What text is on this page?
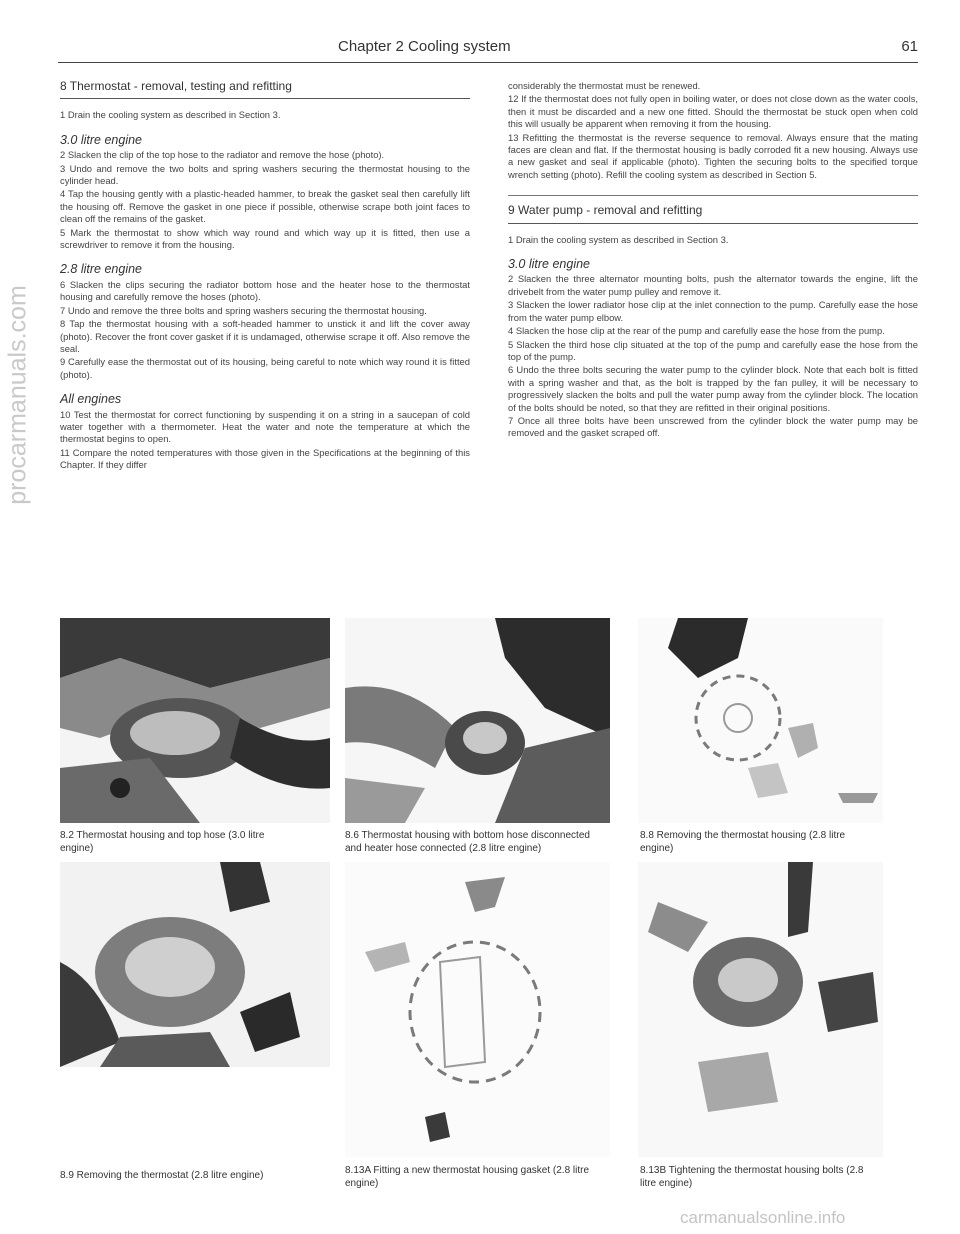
Chapter 2 Cooling system	61
8 Thermostat - removal, testing and refitting

1 Drain the cooling system as described in Section 3.

3.0 litre engine

2 Slacken the clip of the top hose to the radiator and remove the hose (photo).

3 Undo and remove the two bolts and spring washers securing the thermostat housing to the cylinder head.

4 Tap the housing gently with a plastic-headed hammer, to break the gasket seal then carefully lift the housing off. Remove the gasket in one piece if possible, otherwise scrape both joint faces to clean off the remains of the gasket.

5 Mark the thermostat to show which way round and which way up it is fitted, then use a screwdriver to remove it from the housing.

2.8 litre engine

6 Slacken the clips securing the radiator bottom hose and the heater hose to the thermostat housing and carefully remove the hoses (photo).

7 Undo and remove the three bolts and spring washers securing the thermostat housing.

8 Tap the thermostat housing with a soft-headed hammer to unstick it and lift the cover away (photo). Recover the front cover gasket if it is undamaged, otherwise scrape it off. Also remove the seal.

9 Carefully ease the thermostat out of its housing, being careful to note which way round it is fitted (photo).

All engines

10 Test the thermostat for correct functioning by suspending it on a string in a saucepan of cold water together with a thermometer. Heat the water and note the temperature at which the thermostat begins to open.

11 Compare the noted temperatures with those given in the Specifications at the beginning of this Chapter. If they differ

considerably the thermostat must be renewed.

12 If the thermostat does not fully open in boiling water, or does not close down as the water cools, then it must be discarded and a new one fitted. Should the thermostat be stuck open when cold this will usually be apparent when removing it from the housing.

13 Refitting the thermostat is the reverse sequence to removal. Always ensure that the mating faces are clean and flat. If the thermostat housing is badly corroded fit a new housing. Always use a new gasket and seal if applicable (photo). Tighten the securing bolts to the specified torque wrench setting (photo). Refill the cooling system as described in Section 5.

9 Water pump - removal and refitting

1 Drain the cooling system as described in Section 3.

3.0 litre engine

2 Slacken the three alternator mounting bolts, push the alternator towards the engine, lift the drivebelt from the water pump pulley and remove it.

3 Slacken the lower radiator hose clip at the inlet connection to the pump. Carefully ease the hose from the water pump elbow.

4 Slacken the hose clip at the rear of the pump and carefully ease the hose from the pump.

5 Slacken the third hose clip situated at the top of the pump and carefully ease the hose from the top of the pump.

6 Undo the three bolts securing the water pump to the cylinder block. Note that each bolt is fitted with a spring washer and that, as the bolt is trapped by the fan pulley, it will be necessary to progressively slacken the bolts and pull the water pump away from the cylinder block. The location of the bolts should be noted, so that they are refitted in their original positions.

7 Once all three bolts have been unscrewed from the cylinder block the water pump may be removed and the gasket scraped off.

8.2 Thermostat housing and top hose (3.0 litre engine)
8.6 Thermostat housing with bottom hose disconnected and heater hose connected (2.8 litre engine)
8.8 Removing the thermostat housing (2.8 litre engine)
8.9 Removing the thermostat (2.8 litre engine)	8.13A Fitting a new thermostat housing gasket (2.8 litre engine)
8.13B Tightening the thermostat housing bolts (2.8 litre engine)
procarmanuals.com
carmanualsonline.info
